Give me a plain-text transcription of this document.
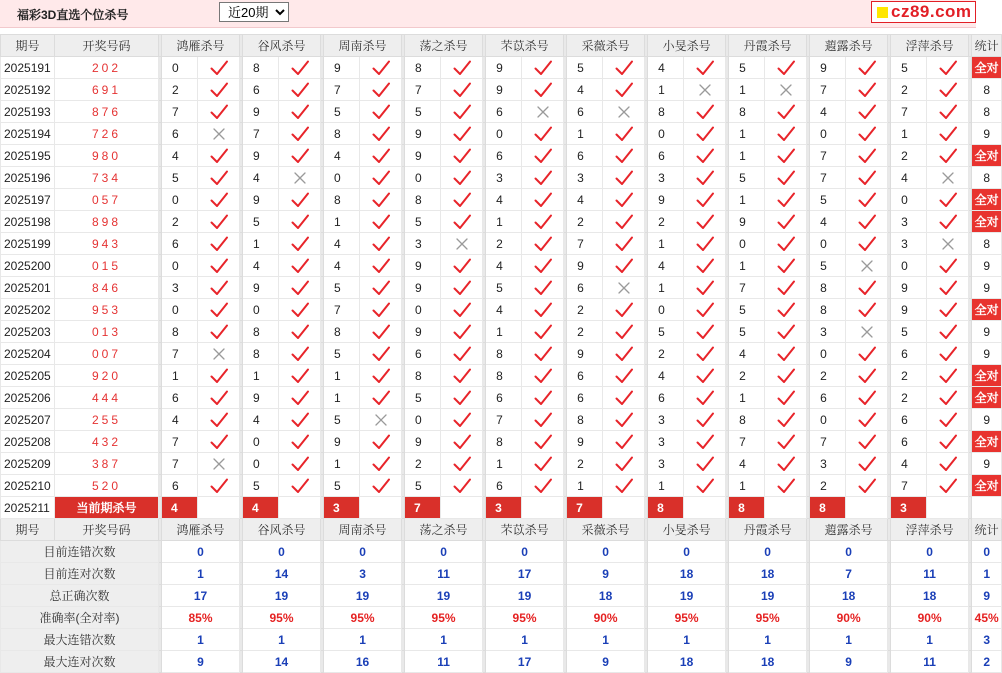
福彩3D直选个位杀号
近20期	cz89.com
期号	开奖号码		鸿雁杀号			谷风杀号			周南杀号			荡之杀号			芣苡杀号			采薇杀号			小旻杀号			丹霞杀号			蕸露杀号			浮萍杀号			统计
2025191	202		0			8			9			8			9			5			4			5			9			5			全对
2025192	691		2			6			7			7			9			4			1			1			7			2			8
2025193	876		7			9			5			5			6			6			8			8			4			7			8
2025194	726		6			7			8			9			0			1			0			1			0			1			9
2025195	980		4			9			4			9			6			6			6			1			7			2			全对
2025196	734		5			4			0			0			3			3			3			5			7			4			8
2025197	057		0			9			8			8			4			4			9			1			5			0			全对
2025198	898		2			5			1			5			1			2			2			9			4			3			全对
2025199	943		6			1			4			3			2			7			1			0			0			3			8
2025200	015		0			4			4			9			4			9			4			1			5			0			9
2025201	846		3			9			5			9			5			6			1			7			8			9			9
2025202	953		0			0			7			0			4			2			0			5			8			9			全对
2025203	013		8			8			8			9			1			2			5			5			3			5			9
2025204	007		7			8			5			6			8			9			2			4			0			6			9
2025205	920		1			1			1			8			8			6			4			2			2			2			全对
2025206	444		6			9			1			5			6			6			6			1			6			2			全对
2025207	255		4			4			5			0			7			8			3			8			0			6			9
2025208	432		7			0			9			9			8			9			3			7			7			6			全对
2025209	387		7			0			1			2			1			2			3			4			3			4			9
2025210	520		6			5			5			5			6			1			1			1			2			7			全对
2025211	当前期杀号		4			4			3			7			3			7			8			8			8			3			
期号	开奖号码		鸿雁杀号			谷风杀号			周南杀号			荡之杀号			芣苡杀号			采薇杀号			小旻杀号			丹霞杀号			蕸露杀号			浮萍杀号			统计
目前连错次数			0			0			0			0			0			0			0			0			0			0			0
目前连对次数			1			14			3			11			17			9			18			18			7			11			1
总正确次数			17			19			19			19			19			18			19			19			18			18			9
准确率(全对率)			85%			95%			95%			95%			95%			90%			95%			95%			90%			90%			45%
最大连错次数			1			1			1			1			1			1			1			1			1			1			3
最大连对次数			9			14			16			11			17			9			18			18			9			11			2
